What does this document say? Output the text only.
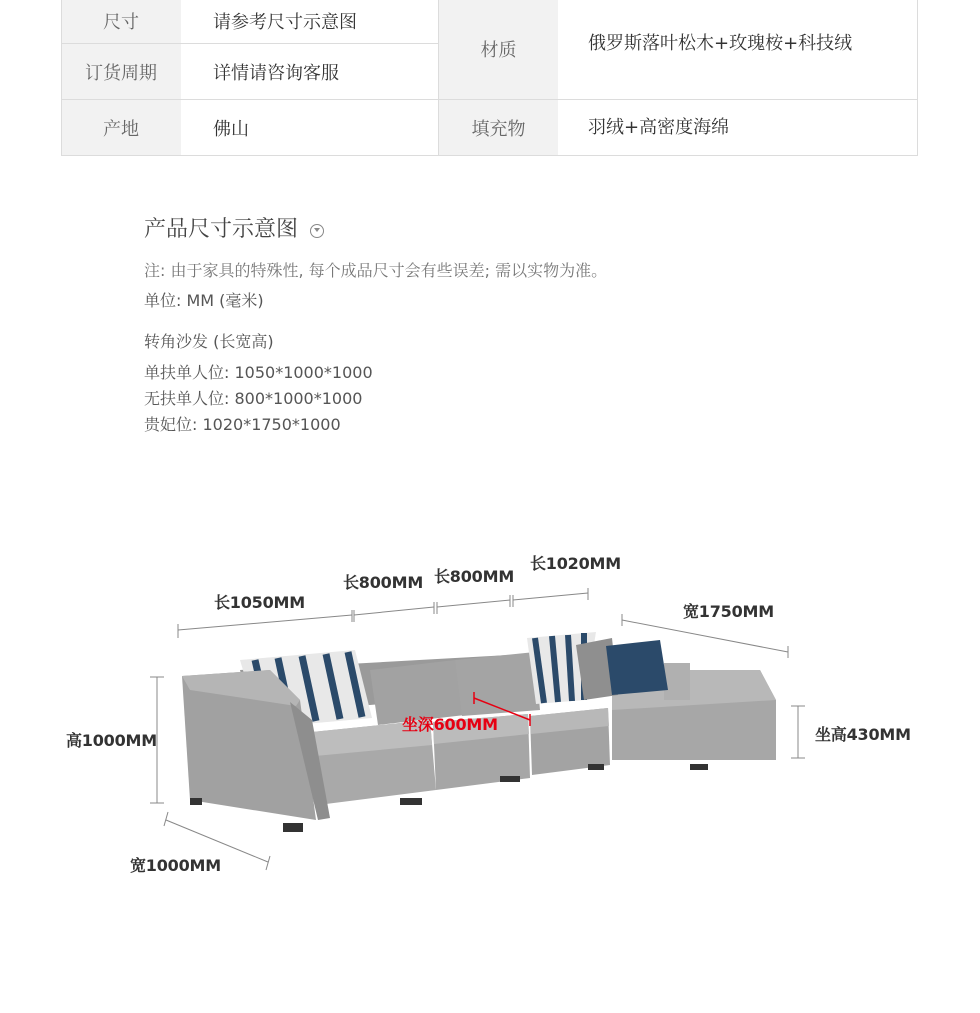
尺寸	请参考尺寸示意图
订货周期	详情请咨询客服
产地	佛山
材质	俄罗斯落叶松木+玫瑰桉+科技绒
填充物	羽绒+高密度海绵
产品尺寸示意图
注: 由于家具的特殊性, 每个成品尺寸会有些误差; 需以实物为准。
单位: MM (毫米)
转角沙发 (长宽高)
单扶单人位: 1050*1000*1000
无扶单人位: 800*1000*1000
贵妃位: 1020*1750*1000
长1050MM
长800MM 长800MM
长1020MM
宽1750MM
高1000MM
坐深600MM
坐高430MM
宽1000MM
